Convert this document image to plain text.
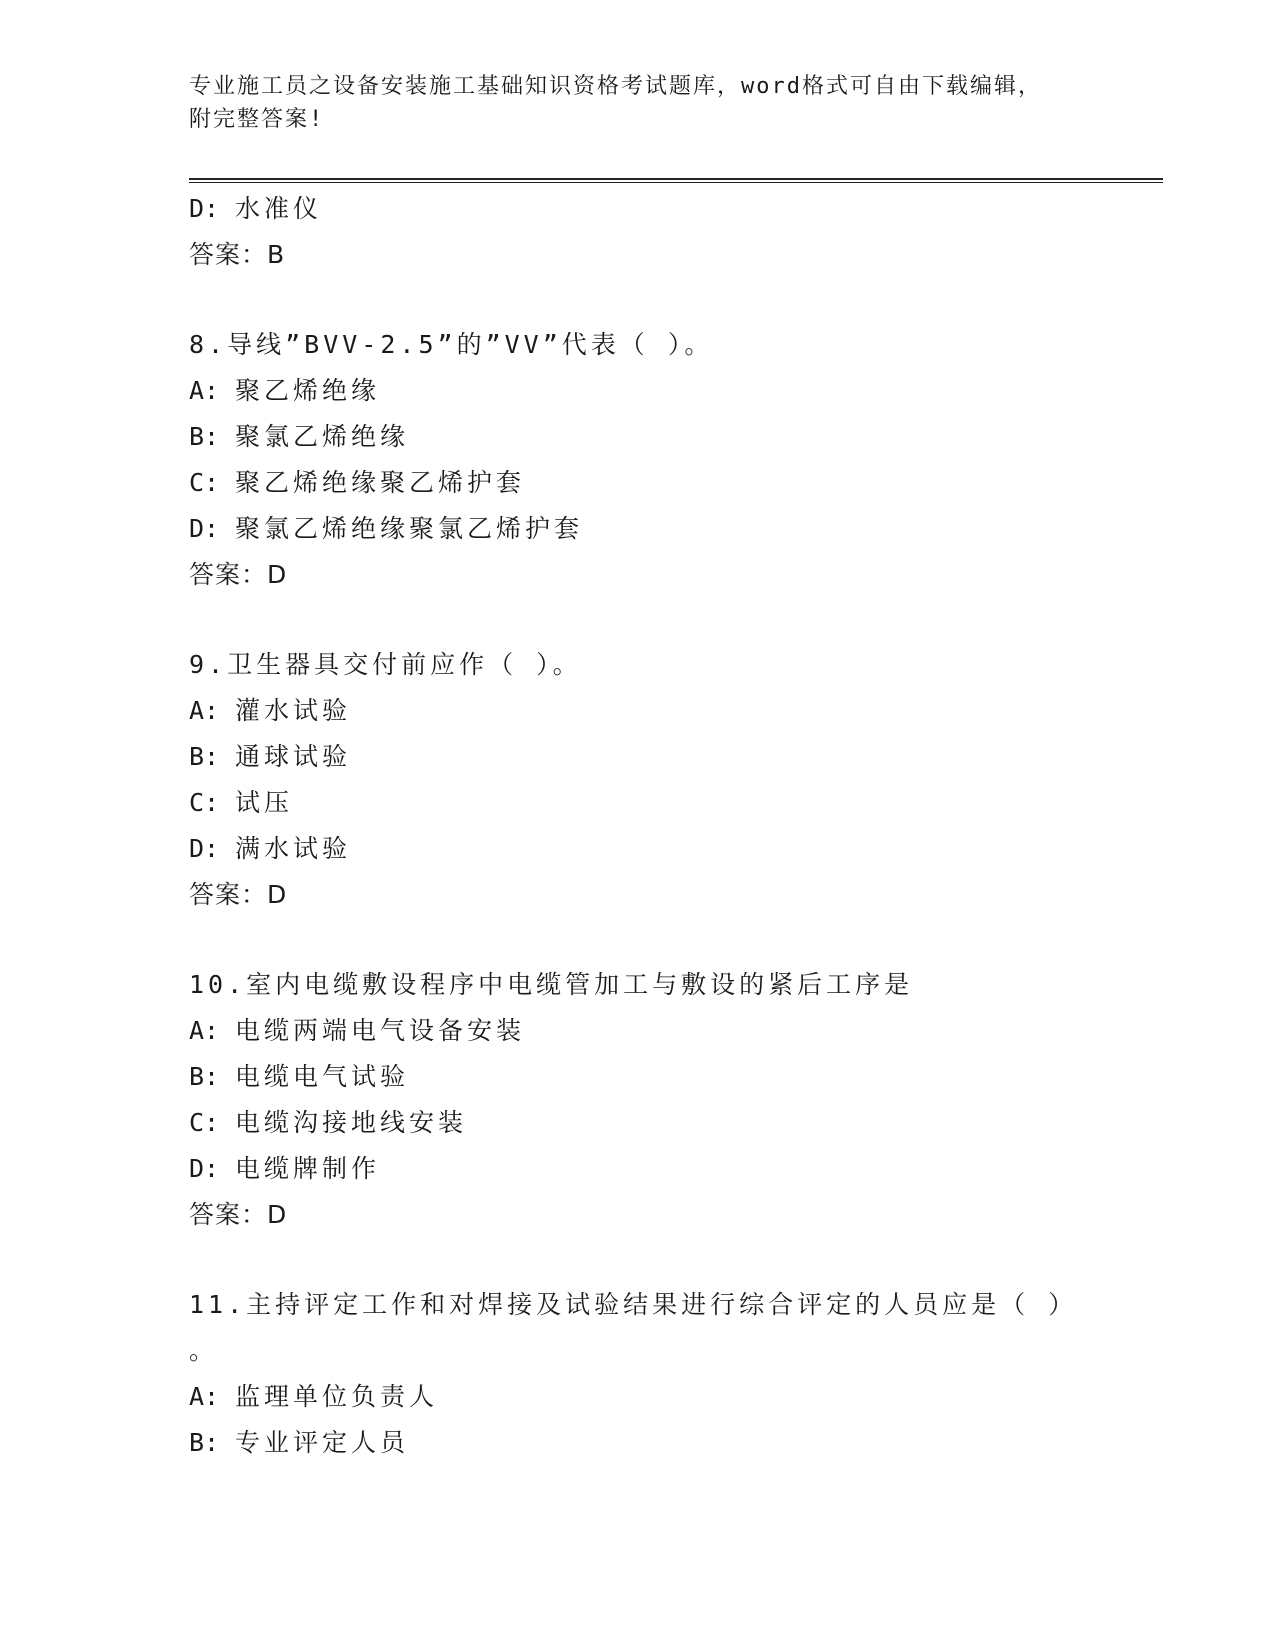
专业施工员之设备安装施工基础知识资格考试题库，word格式可自由下载编辑，
附完整答案!
D: 水准仪
答案：B
8.导线”BVV-2.5”的”VV”代表（ ）。
A: 聚乙烯绝缘
B: 聚氯乙烯绝缘
C: 聚乙烯绝缘聚乙烯护套
D: 聚氯乙烯绝缘聚氯乙烯护套
答案：D
9.卫生器具交付前应作（ ）。
A: 灌水试验
B: 通球试验
C: 试压
D: 满水试验
答案：D
10.室内电缆敷设程序中电缆管加工与敷设的紧后工序是
A: 电缆两端电气设备安装
B: 电缆电气试验
C: 电缆沟接地线安装
D: 电缆牌制作
答案：D
11.主持评定工作和对焊接及试验结果进行综合评定的人员应是（ ）
。
A: 监理单位负责人
B: 专业评定人员
